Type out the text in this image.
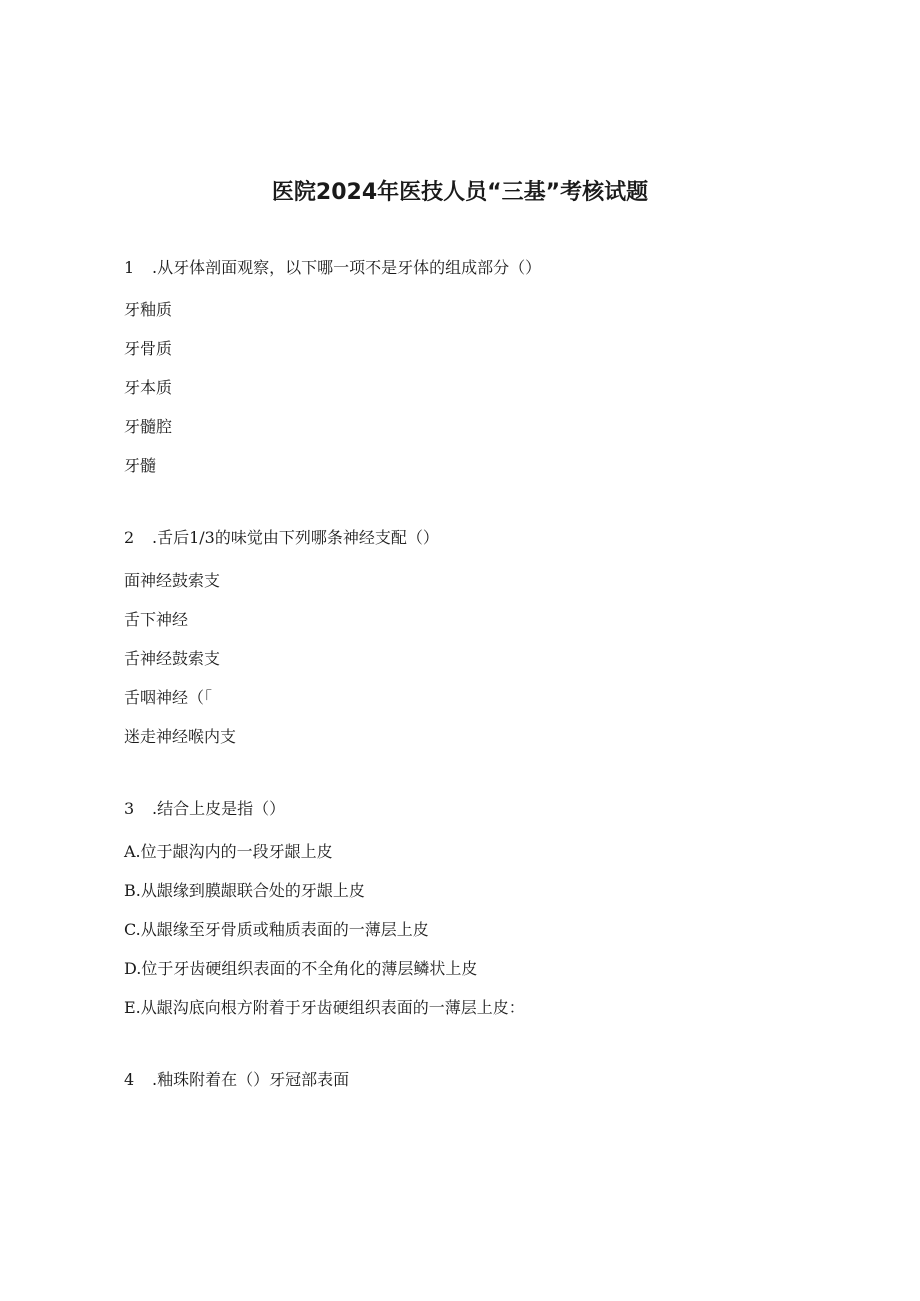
医院2024年医技人员“三基”考核试题
1 .从牙体剖面观察，以下哪一项不是牙体的组成部分（）
牙釉质
牙骨质
牙本质
牙髓腔
牙髓
2 .舌后1/3的味觉由下列哪条神经支配（）
面神经鼓索支
舌下神经
舌神经鼓索支
舌咽神经（「
迷走神经喉内支
3 .结合上皮是指（）
A.位于龈沟内的一段牙龈上皮
B.从龈缘到膜龈联合处的牙龈上皮
C.从龈缘至牙骨质或釉质表面的一薄层上皮
D.位于牙齿硬组织表面的不全角化的薄层鳞状上皮
E.从龈沟底向根方附着于牙齿硬组织表面的一薄层上皮：
4 .釉珠附着在（）牙冠部表面
